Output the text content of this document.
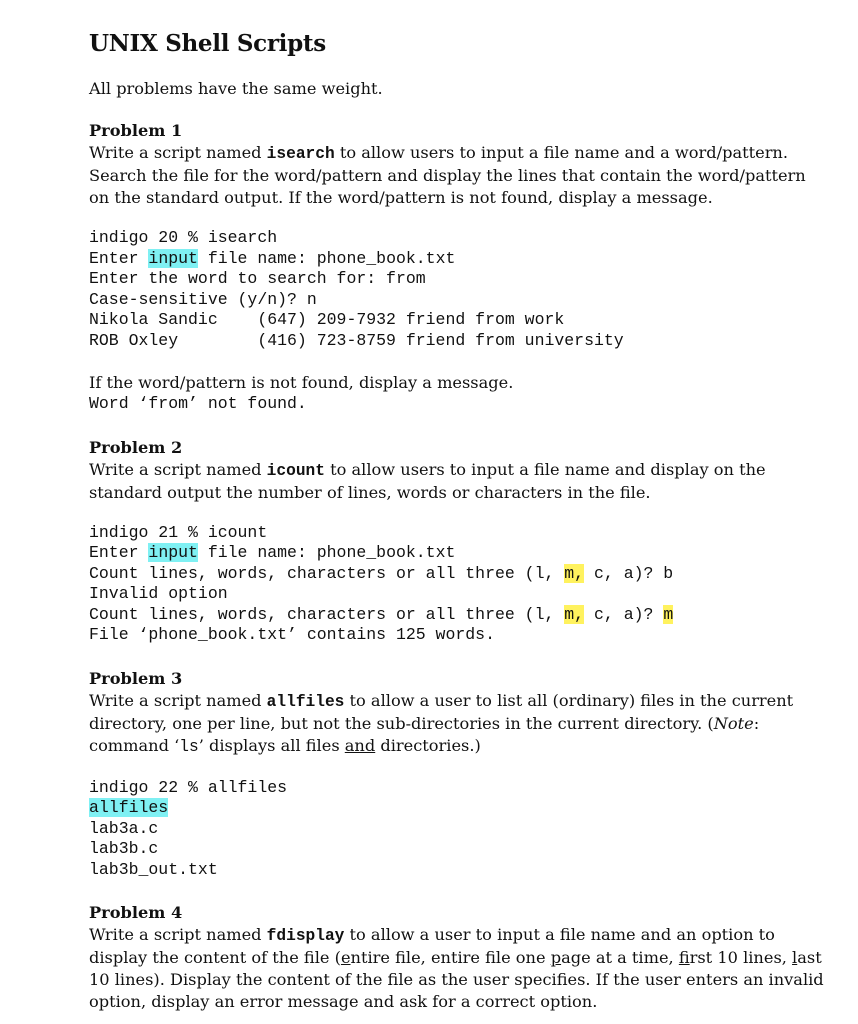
UNIX Shell Scripts

All problems have the same weight.

Problem 1

Write a script named isearch to allow users to input a file name and a word/pattern. Search the file for the word/pattern and display the lines that contain the word/pattern on the standard output. If the word/pattern is not found, display a message.

indigo 20 % isearch
Enter input file name: phone_book.txt
Enter the word to search for: from
Case-sensitive (y/n)? n
Nikola Sandic    (647) 209-7932 friend from work
ROB Oxley        (416) 723-8759 friend from university

If the word/pattern is not found, display a message.

Word ‘from’ not found.

Problem 2

Write a script named icount to allow users to input a file name and display on the standard output the number of lines, words or characters in the file.

indigo 21 % icount
Enter input file name: phone_book.txt
Count lines, words, characters or all three (l, m, c, a)? b
Invalid option
Count lines, words, characters or all three (l, m, c, a)? m
File ‘phone_book.txt’ contains 125 words.

Problem 3

Write a script named allfiles to allow a user to list all (ordinary) files in the current directory, one per line, but not the sub-directories in the current directory. (Note: command ‘ls’ displays all files and directories.)

indigo 22 % allfiles
allfiles
lab3a.c
lab3b.c
lab3b_out.txt

Problem 4

Write a script named fdisplay to allow a user to input a file name and an option to display the content of the file (entire file, entire file one page at a time, first 10 lines, last 10 lines). Display the content of the file as the user specifies. If the user enters an invalid option, display an error message and ask for a correct option.
